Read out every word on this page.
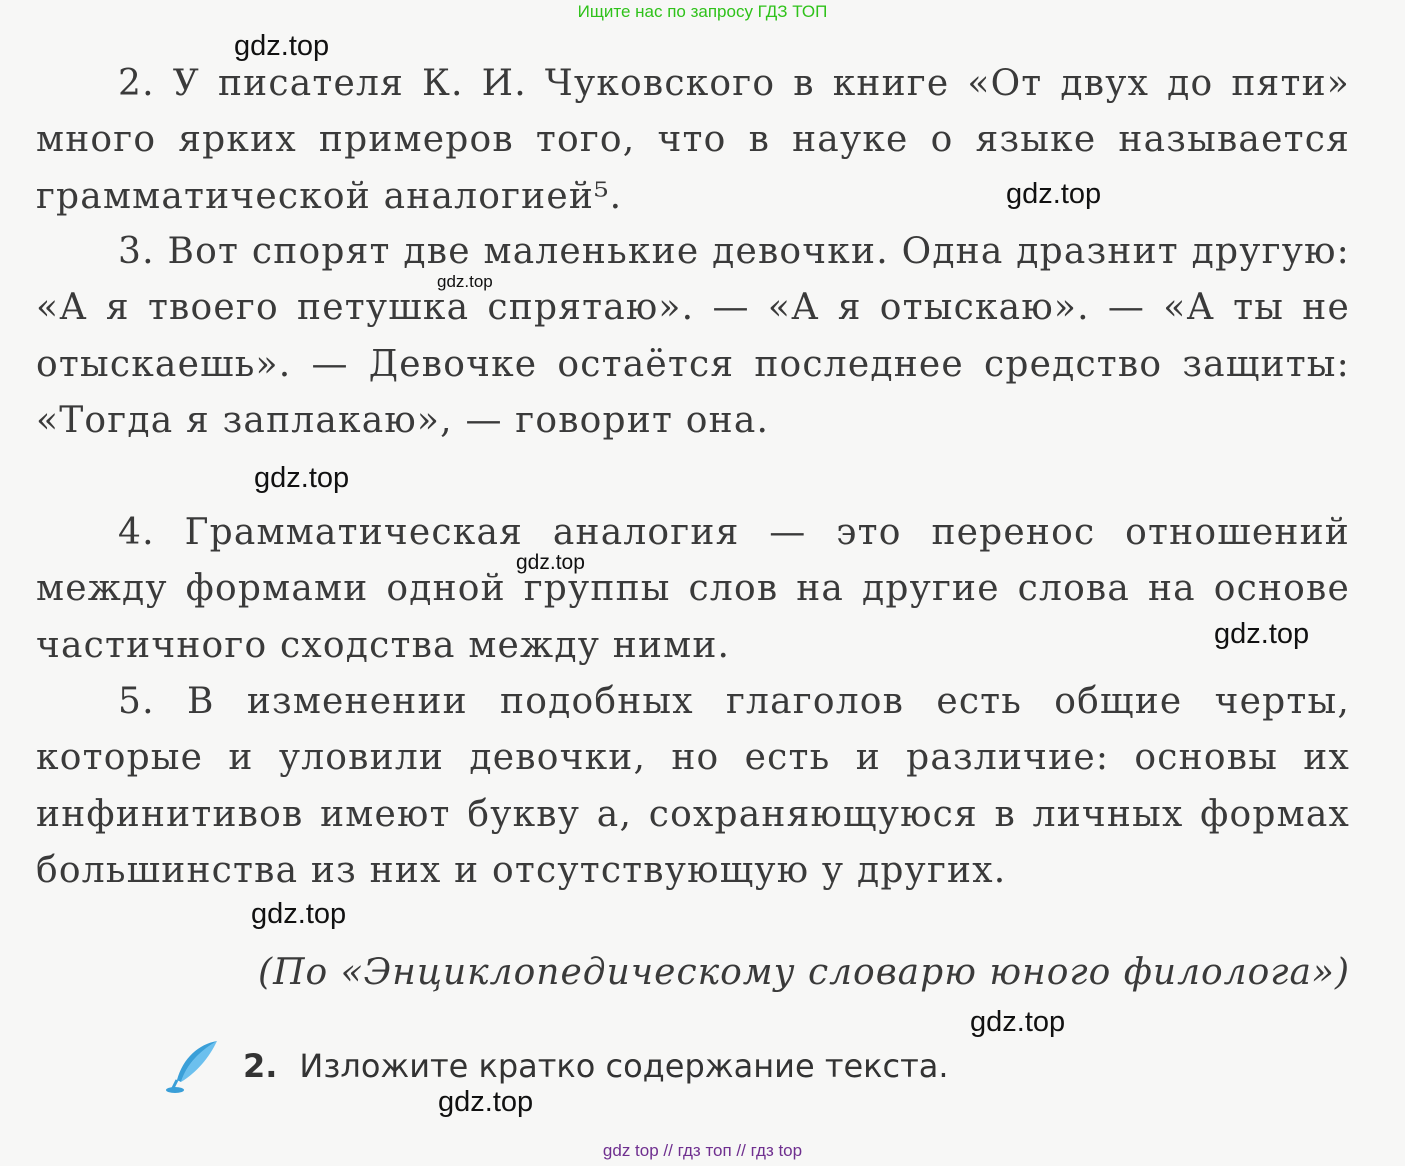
Ищите нас по запросу ГДЗ ТОП

2. У писателя К. И. Чуковского в книге «От двух до пяти» много ярких примеров того, что в науке о языке называется грамматической аналогией⁵.

3. Вот спорят две маленькие девочки. Одна дразнит другую: «А я твоего петушка спрятаю». — «А я отыскаю». — «А ты не отыскаешь». — Девочке остаётся последнее средство защиты: «Тогда я заплакаю», — говорит она.

4. Грамматическая аналогия — это перенос отношений между формами одной группы слов на другие слова на основе частичного сходства между ними.

5. В изменении подобных глаголов есть общие черты, которые и уловили девочки, но есть и различие: основы их инфинитивов имеют букву а, сохраняющуюся в личных формах большинства из них и отсутствующую у других.

(По «Энциклопедическому словарю юного филолога»)

2. Изложите кратко содержание текста.
gdz.top
gdz.top
gdz.top
gdz.top
gdz.top
gdz.top
gdz.top
gdz.top
gdz.top
gdz top // гдз топ // гдз top
